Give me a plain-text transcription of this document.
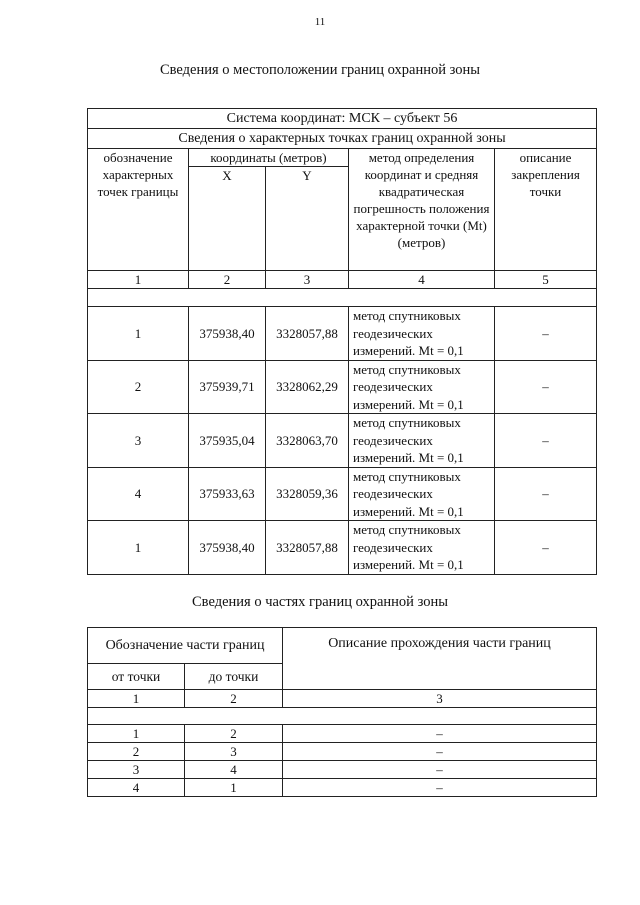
11
Сведения о местоположении границ охранной зоны
Система координат: МСК – субъект 56				
Сведения о характерных точках границ охранной зоны				
обозначение характерных точек границы	координаты (метров)		метод определения координат и средняя квадратическая погрешность положения характерной точки (Mt) (метров)	описание закрепления точки
	X	Y		
1	2	3	4	5

1	375938,40	3328057,88	метод спутниковых геодезических измерений. Mt = 0,1	–
2	375939,71	3328062,29	метод спутниковых геодезических измерений. Mt = 0,1	–
3	375935,04	3328063,70	метод спутниковых геодезических измерений. Mt = 0,1	–
4	375933,63	3328059,36	метод спутниковых геодезических измерений. Mt = 0,1	–
1	375938,40	3328057,88	метод спутниковых геодезических измерений. Mt = 0,1	–
Сведения о частях границ охранной зоны
Обозначение части границ		Описание прохождения части границ
от точки	до точки	
1	2	3

1	2	–
2	3	–
3	4	–
4	1	–
